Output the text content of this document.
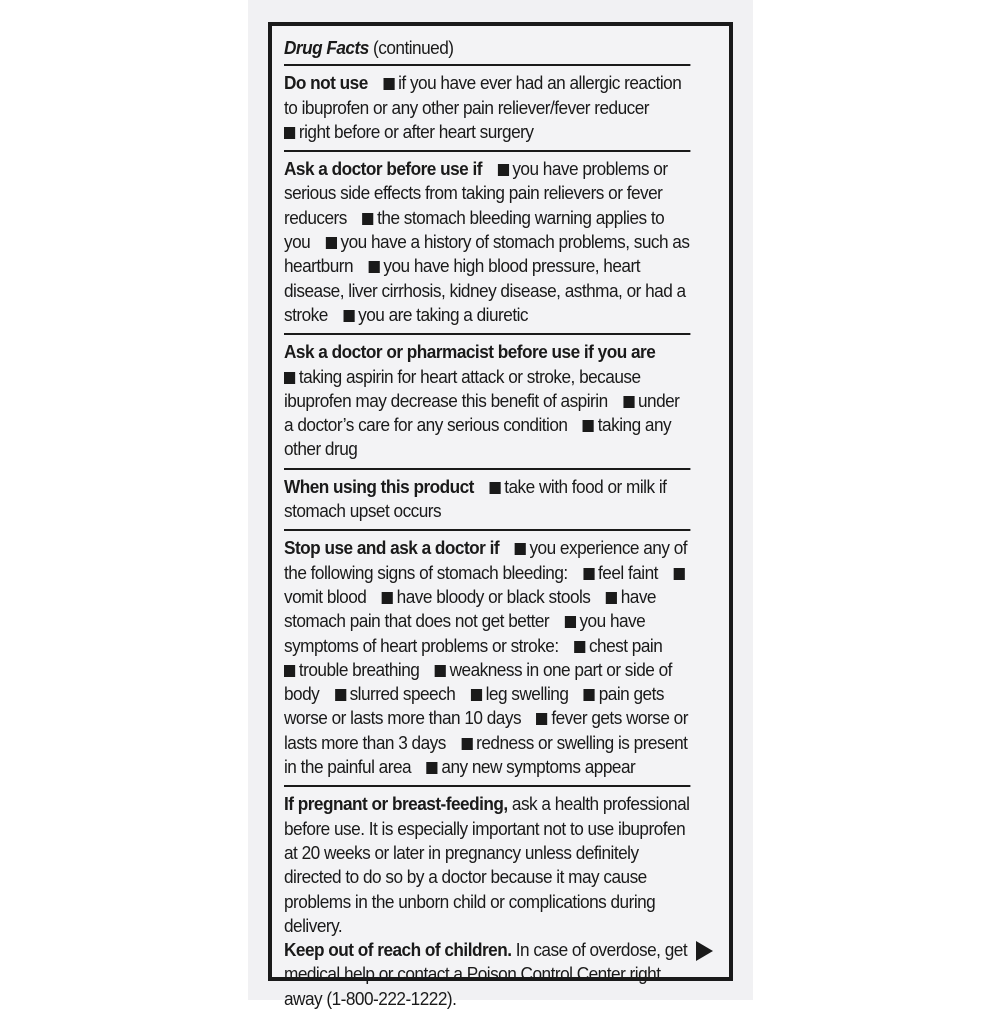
Drug Facts (continued)
Do not use if you have ever had an allergic reaction to ibuprofen or any other pain reliever/fever reducer
right before or after heart surgery
Ask a doctor before use if you have problems or serious side effects from taking pain relievers or fever reducers the stomach bleeding warning applies to you you have a history of stomach problems, such as heartburn you have high blood pressure, heart disease, liver cirrhosis, kidney disease, asthma, or had a stroke you are taking a diuretic
Ask a doctor or pharmacist before use if you are
taking aspirin for heart attack or stroke, because ibuprofen may decrease this benefit of aspirin under a doctor’s care for any serious condition taking any other drug
When using this product take with food or milk if stomach upset occurs
Stop use and ask a doctor if you experience any of the following signs of stomach bleeding: feel faint vomit blood have bloody or black stools have stomach pain that does not get better you have symptoms of heart problems or stroke: chest pain trouble breathing weakness in one part or side of body slurred speech leg swelling pain gets worse or lasts more than 10 days fever gets worse or lasts more than 3 days redness or swelling is present in the painful area any new symptoms appear
If pregnant or breast-feeding, ask a health professional before use. It is especially important not to use ibuprofen at 20 weeks or later in pregnancy unless definitely directed to do so by a doctor because it may cause problems in the unborn child or complications during delivery.
Keep out of reach of children. In case of overdose, get medical help or contact a Poison Control Center right away (1-800-222-1222).
